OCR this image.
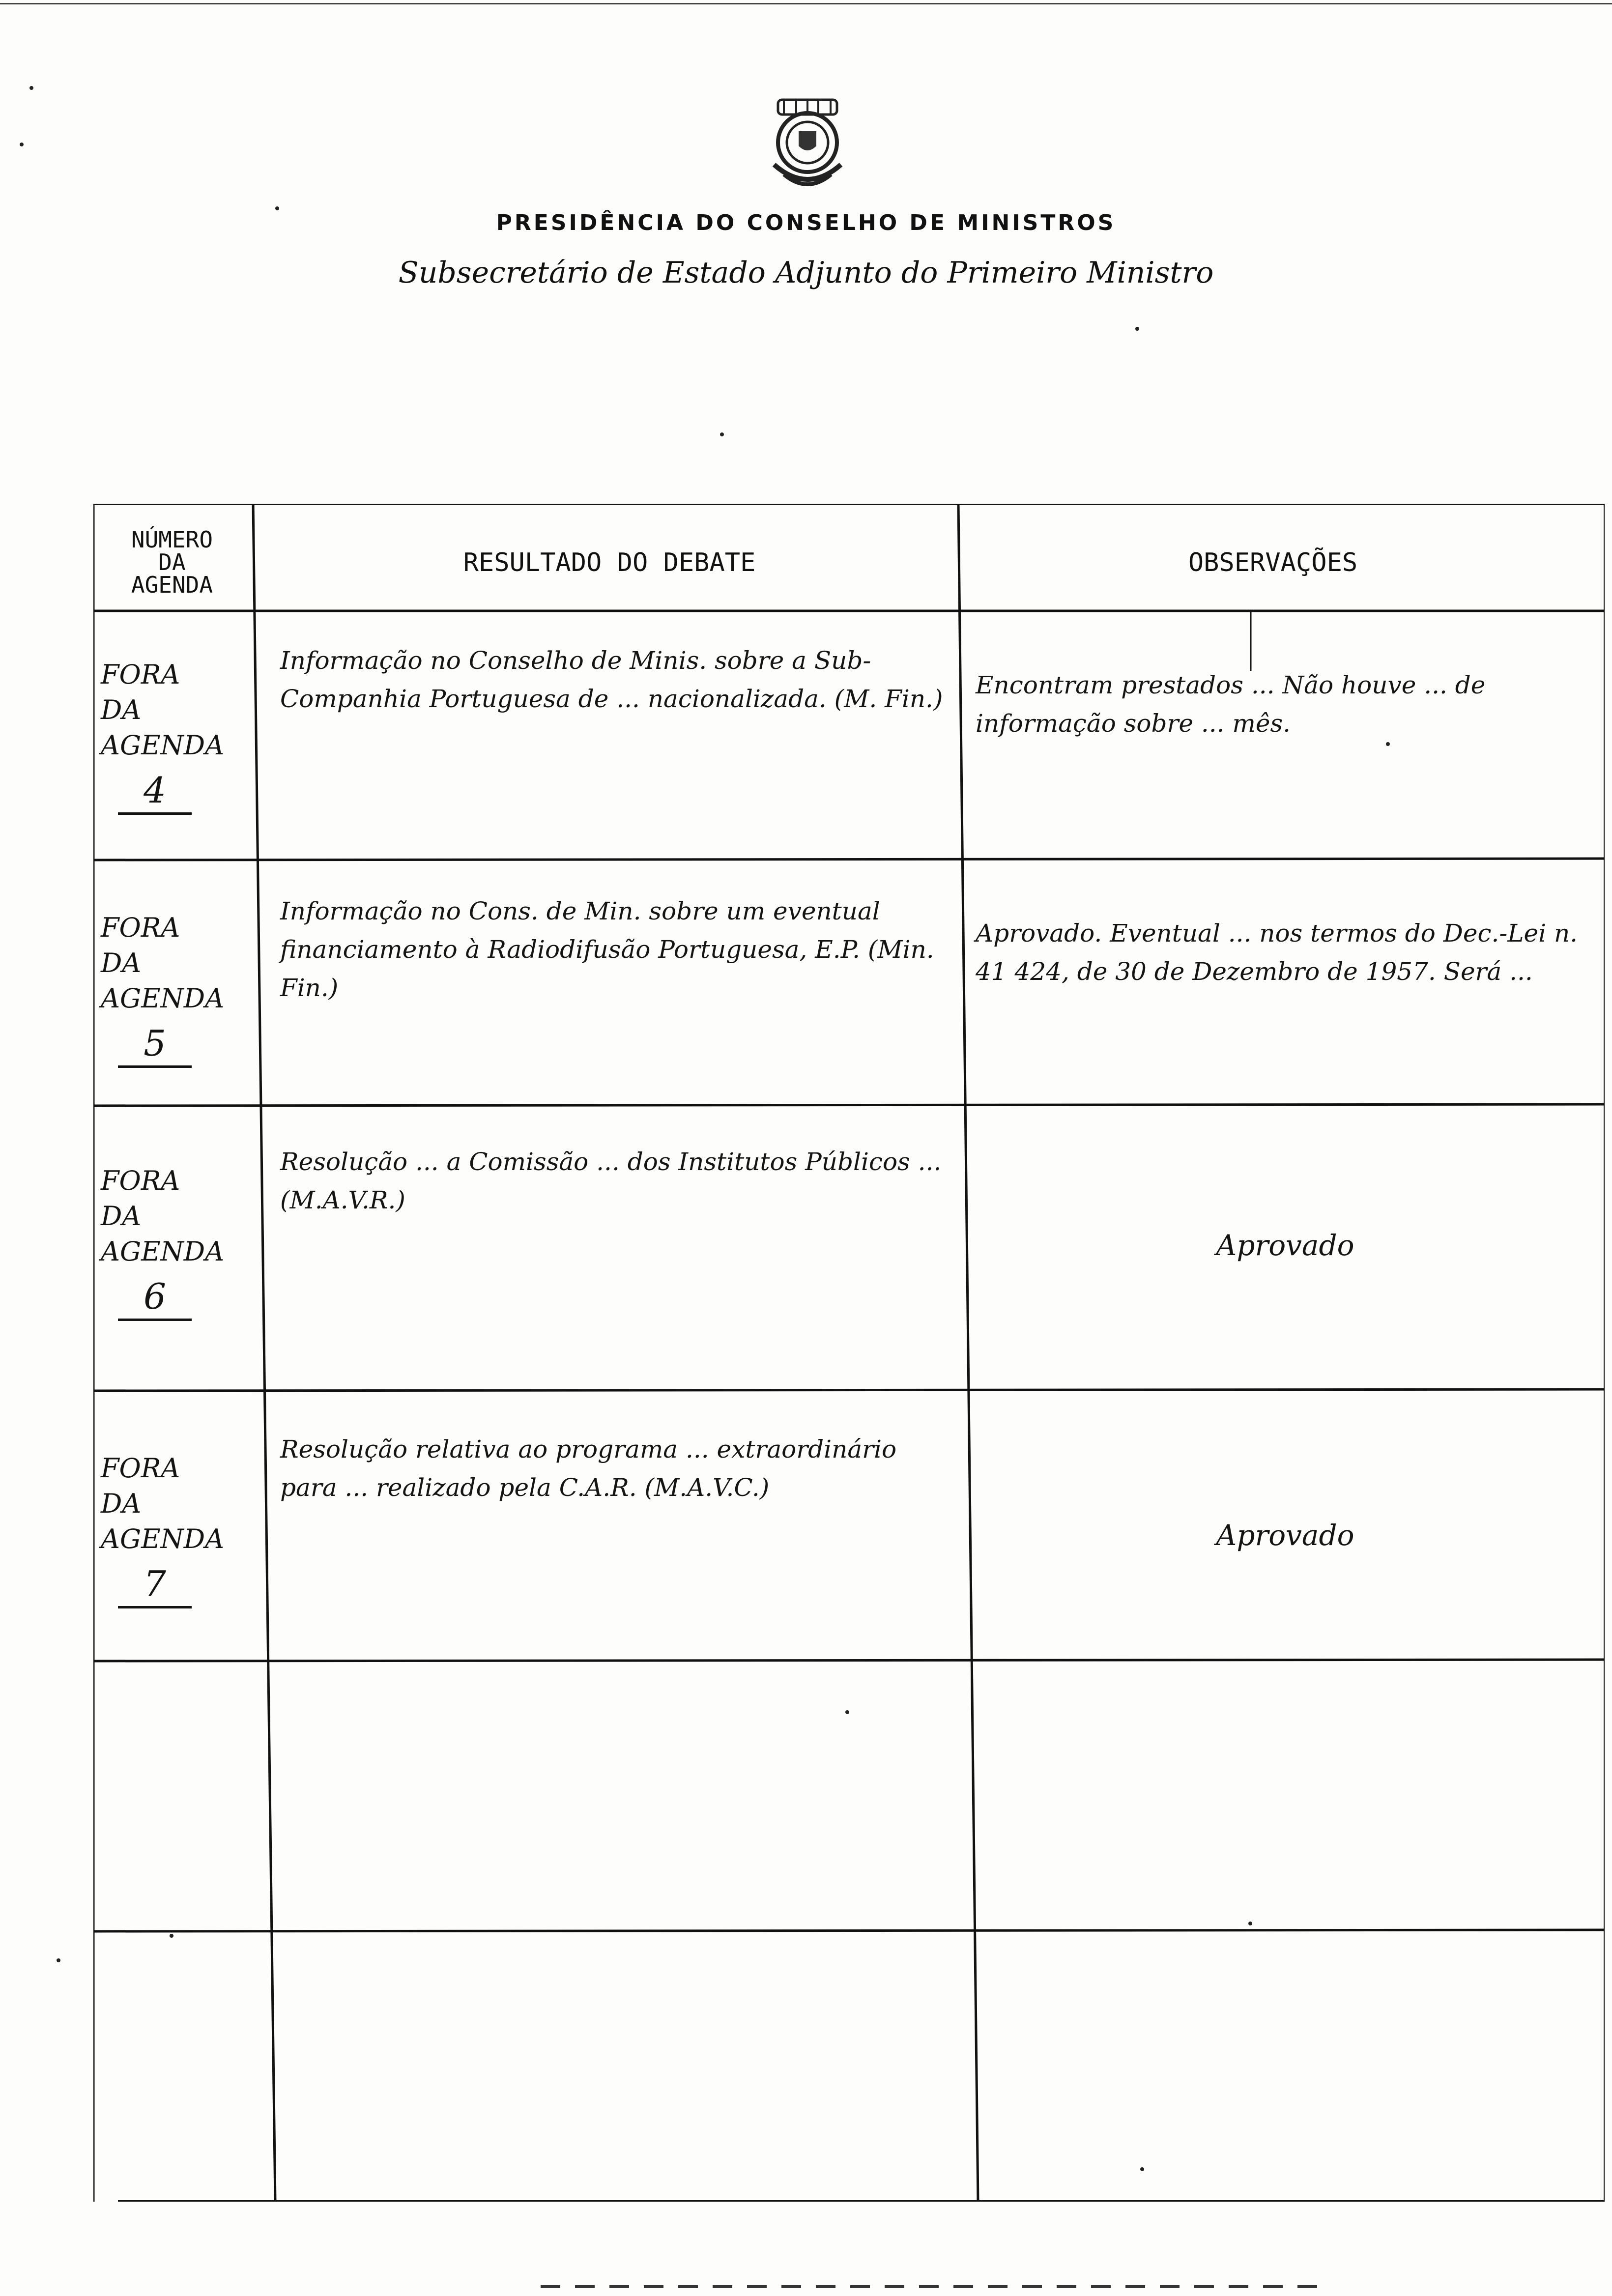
PRESIDÊNCIA DO CONSELHO DE MINISTROS
Subsecretário de Estado Adjunto do Primeiro Ministro
NÚMERO
DA
AGENDA
RESULTADO DO DEBATE	OBSERVAÇÕES

FORA
DA
AGENDA

4

Informação no Conselho de Minis. sobre a Sub-Companhia Portuguesa de ... nacionalizada. (M. Fin.)	Encontram prestados ... Não houve ... de informação sobre ... mês.

FORA
DA
AGENDA

5

Informação no Cons. de Min. sobre um eventual financiamento à Radiodifusão Portuguesa, E.P. (Min. Fin.)
Aprovado. Eventual ... nos termos do Dec.-Lei n. 41 424, de 30 de Dezembro de 1957. Será ...

FORA
DA
AGENDA

6

Resolução ... a Comissão ... dos Institutos Públicos ... (M.A.V.R.)
Aprovado

FORA
DA
AGENDA

7

Resolução relativa ao programa ... extraordinário para ... realizado pela C.A.R. (M.A.V.C.)
Aprovado
